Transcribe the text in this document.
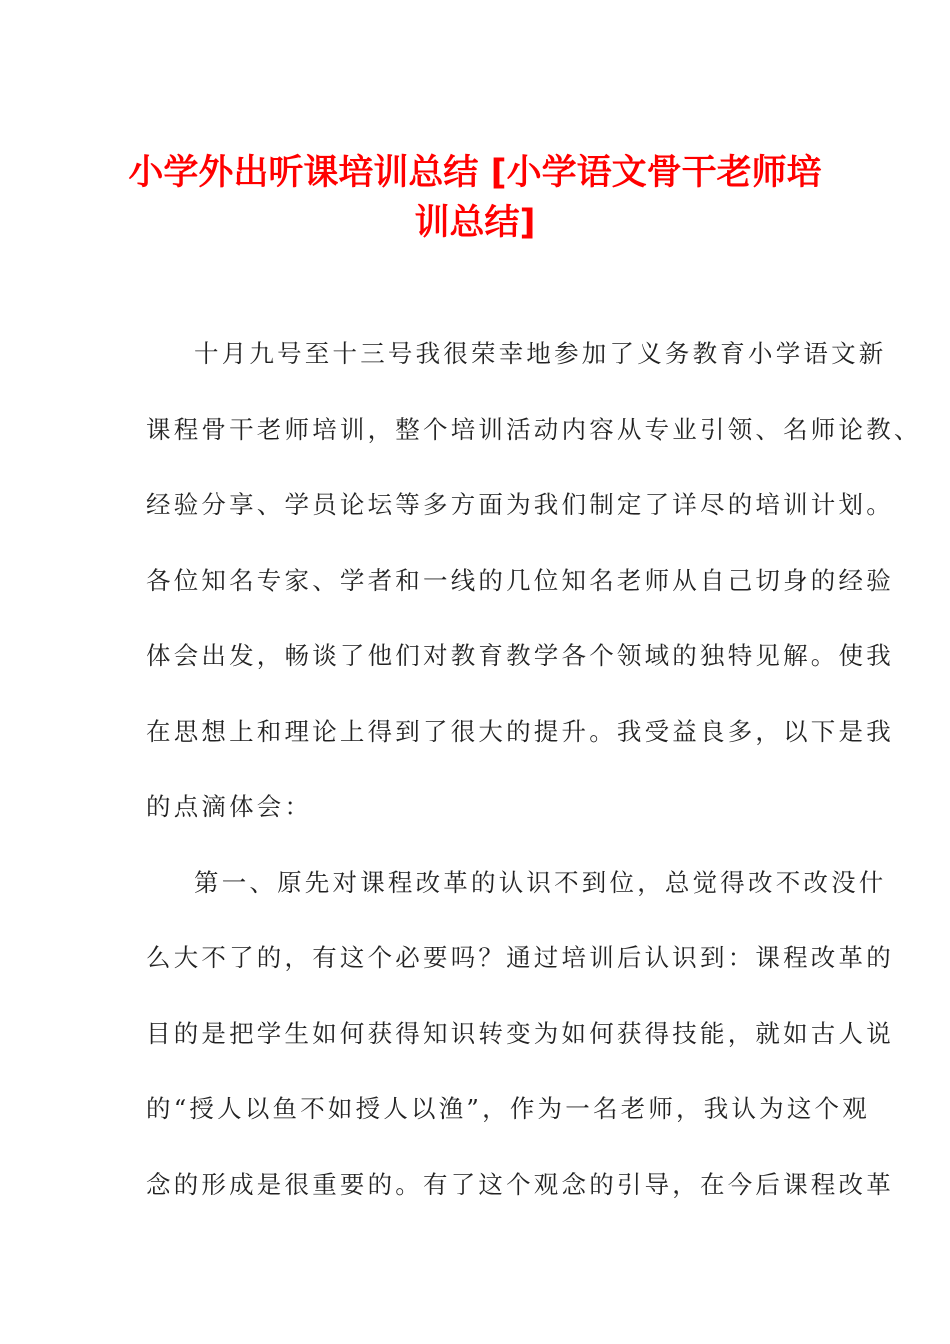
小学外出听课培训总结 [小学语文骨干老师培
训总结]
十月九号至十三号我很荣幸地参加了义务教育小学语文新
课程骨干老师培训，整个培训活动内容从专业引领、名师论教、
经验分享、学员论坛等多方面为我们制定了详尽的培训计划。
各位知名专家、学者和一线的几位知名老师从自己切身的经验
体会出发，畅谈了他们对教育教学各个领域的独特见解。使我
在思想上和理论上得到了很大的提升。我受益良多，以下是我
的点滴体会：
第一、原先对课程改革的认识不到位，总觉得改不改没什
么大不了的，有这个必要吗？通过培训后认识到：课程改革的
目的是把学生如何获得知识转变为如何获得技能，就如古人说
的“授人以鱼不如授人以渔”，作为一名老师，我认为这个观
念的形成是很重要的。有了这个观念的引导，在今后课程改革
